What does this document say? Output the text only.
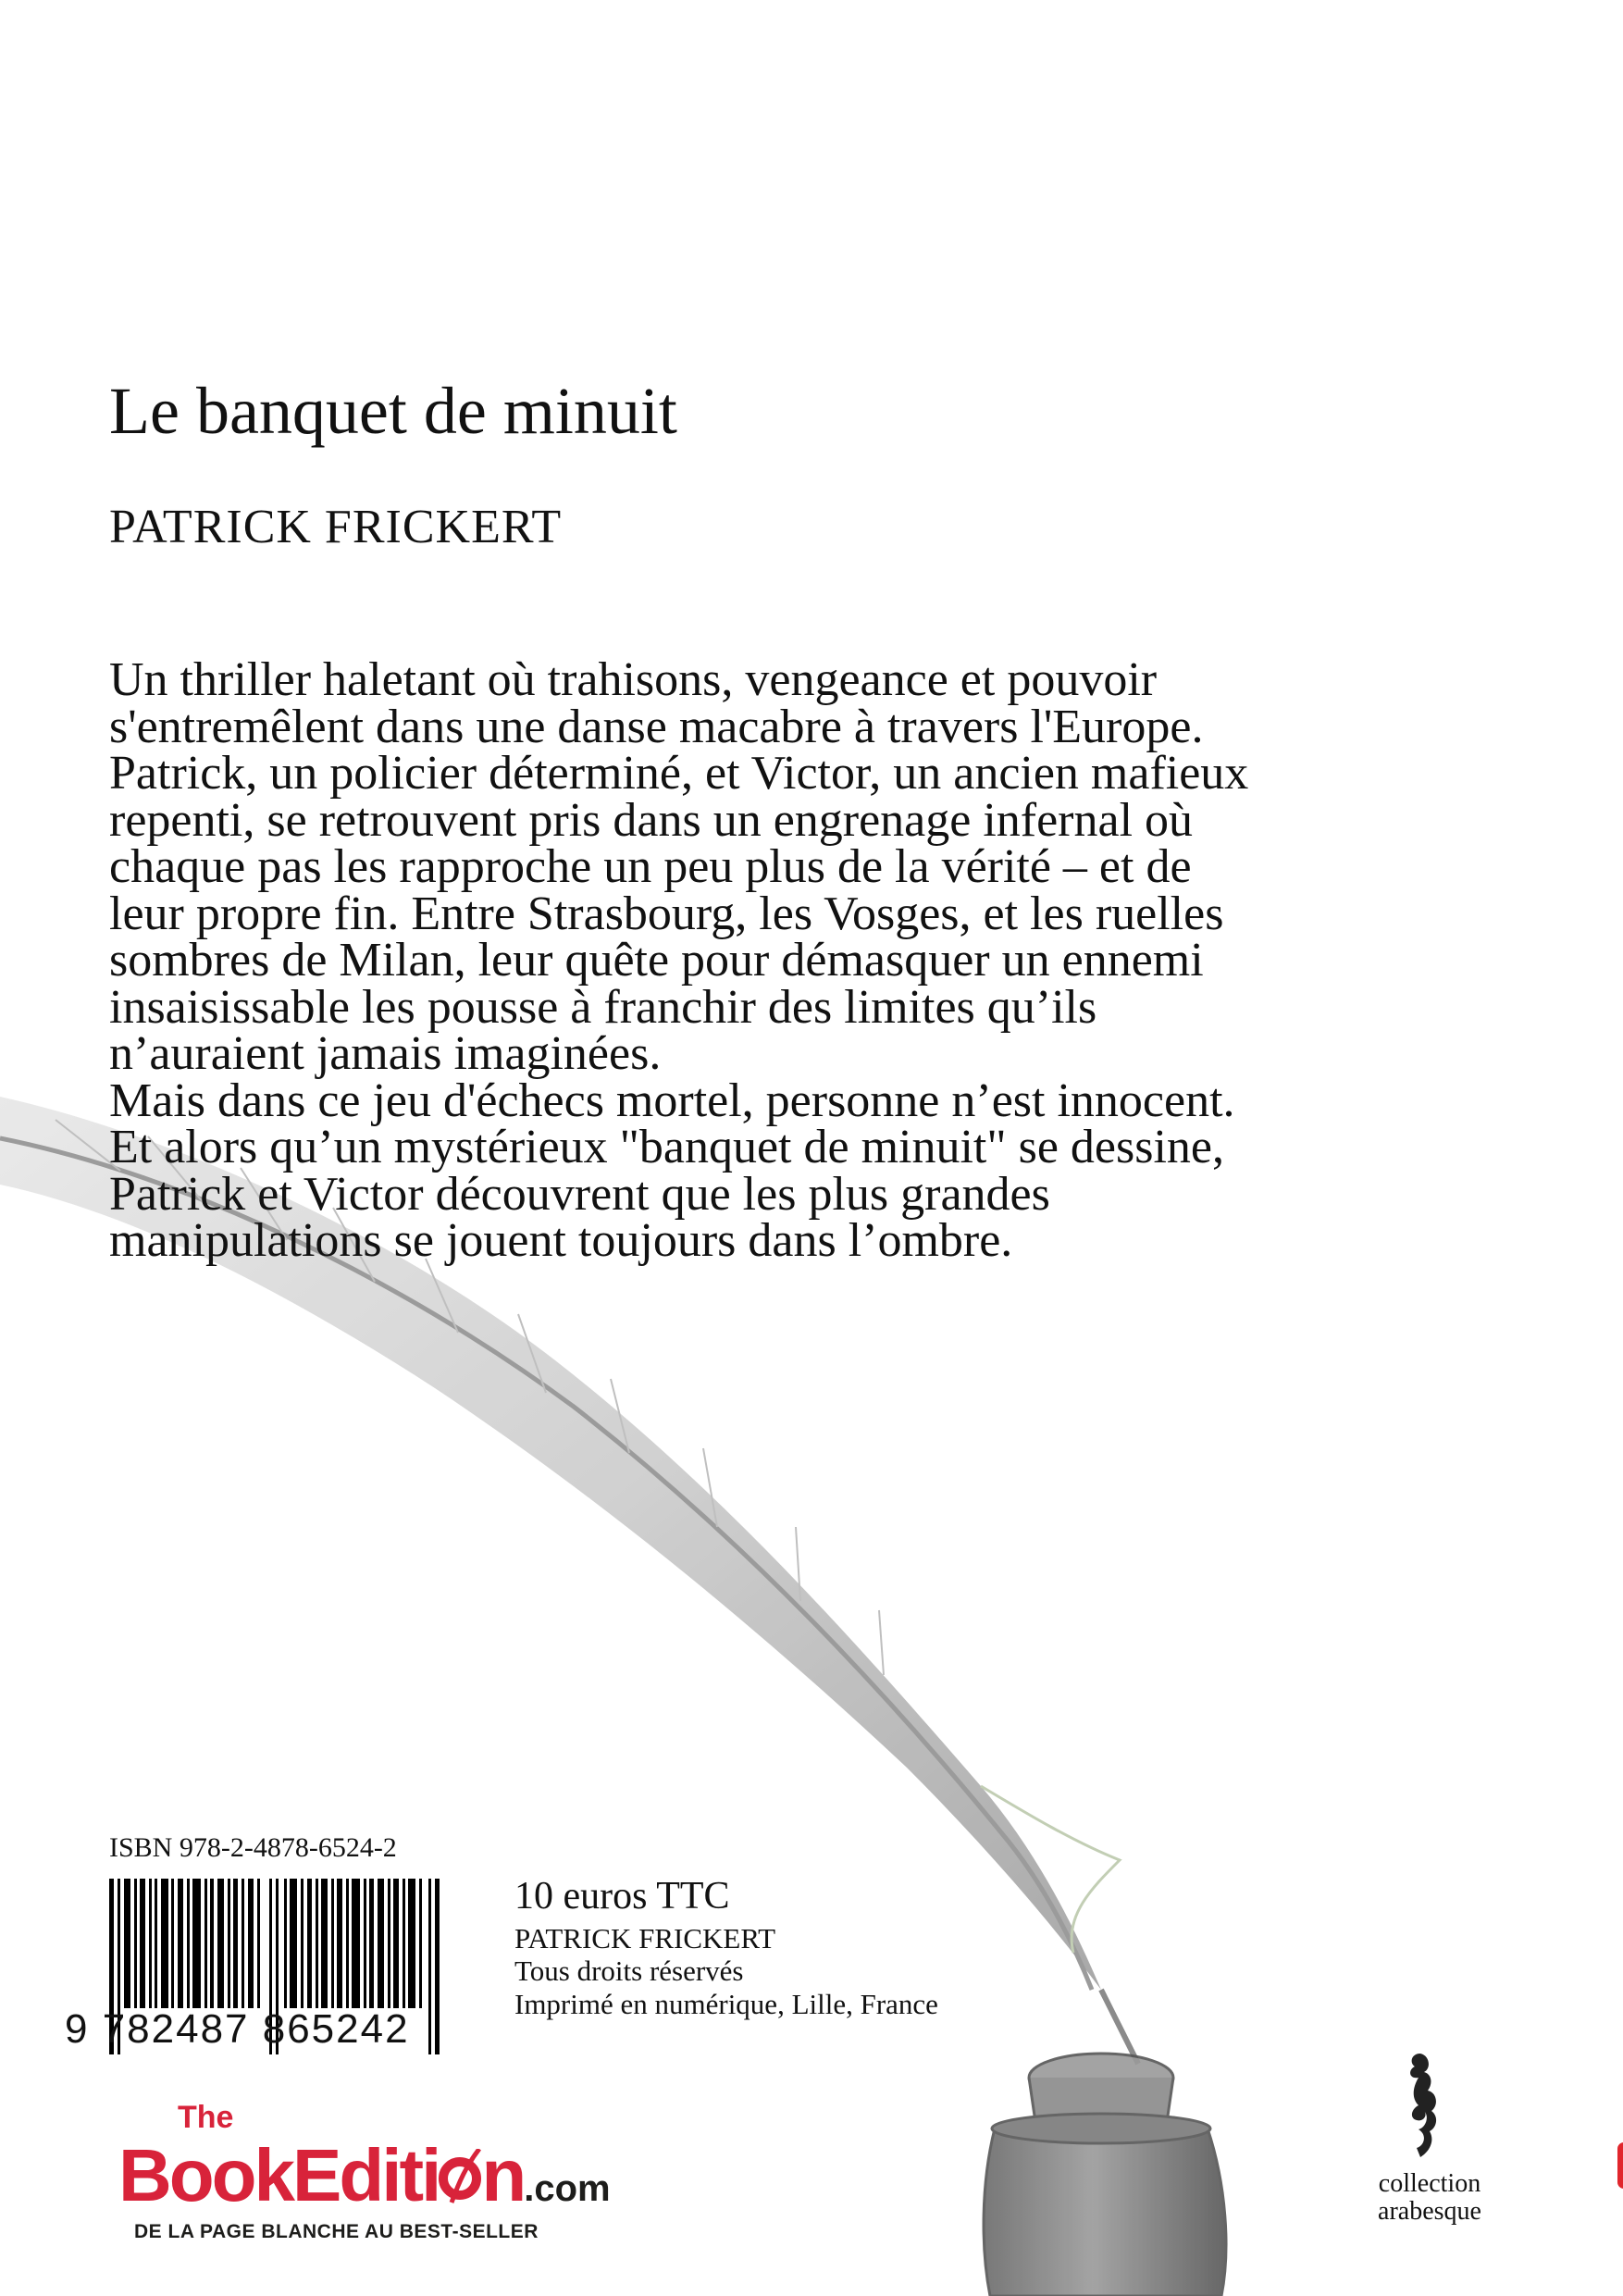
Le banquet de minuit
PATRICK FRICKERT

Un thriller haletant où trahisons, vengeance et pouvoir s'entremêlent dans une danse macabre à travers l'Europe.

Patrick, un policier déterminé, et Victor, un ancien mafieux repenti, se retrouvent pris dans un engrenage infernal où chaque pas les rapproche un peu plus de la vérité – et de leur propre fin. Entre Strasbourg, les Vosges, et les ruelles sombres de Milan, leur quête pour démasquer un ennemi insaisissable les pousse à franchir des limites qu’ils n’auraient jamais imaginées.

Mais dans ce jeu d'échecs mortel, personne n’est innocent. Et alors qu’un mystérieux "banquet de minuit" se dessine, Patrick et Victor découvrent que les plus grandes manipulations se jouent toujours dans l’ombre.

ISBN 978-2-4878-6524-2
9 782487 865242
10 euros TTC
PATRICK FRICKERT
Tous droits réservés
Imprimé en numérique, Lille, France
The
BookEditi n.com
DE LA PAGE BLANCHE AU BEST-SELLER
collection
arabesque
